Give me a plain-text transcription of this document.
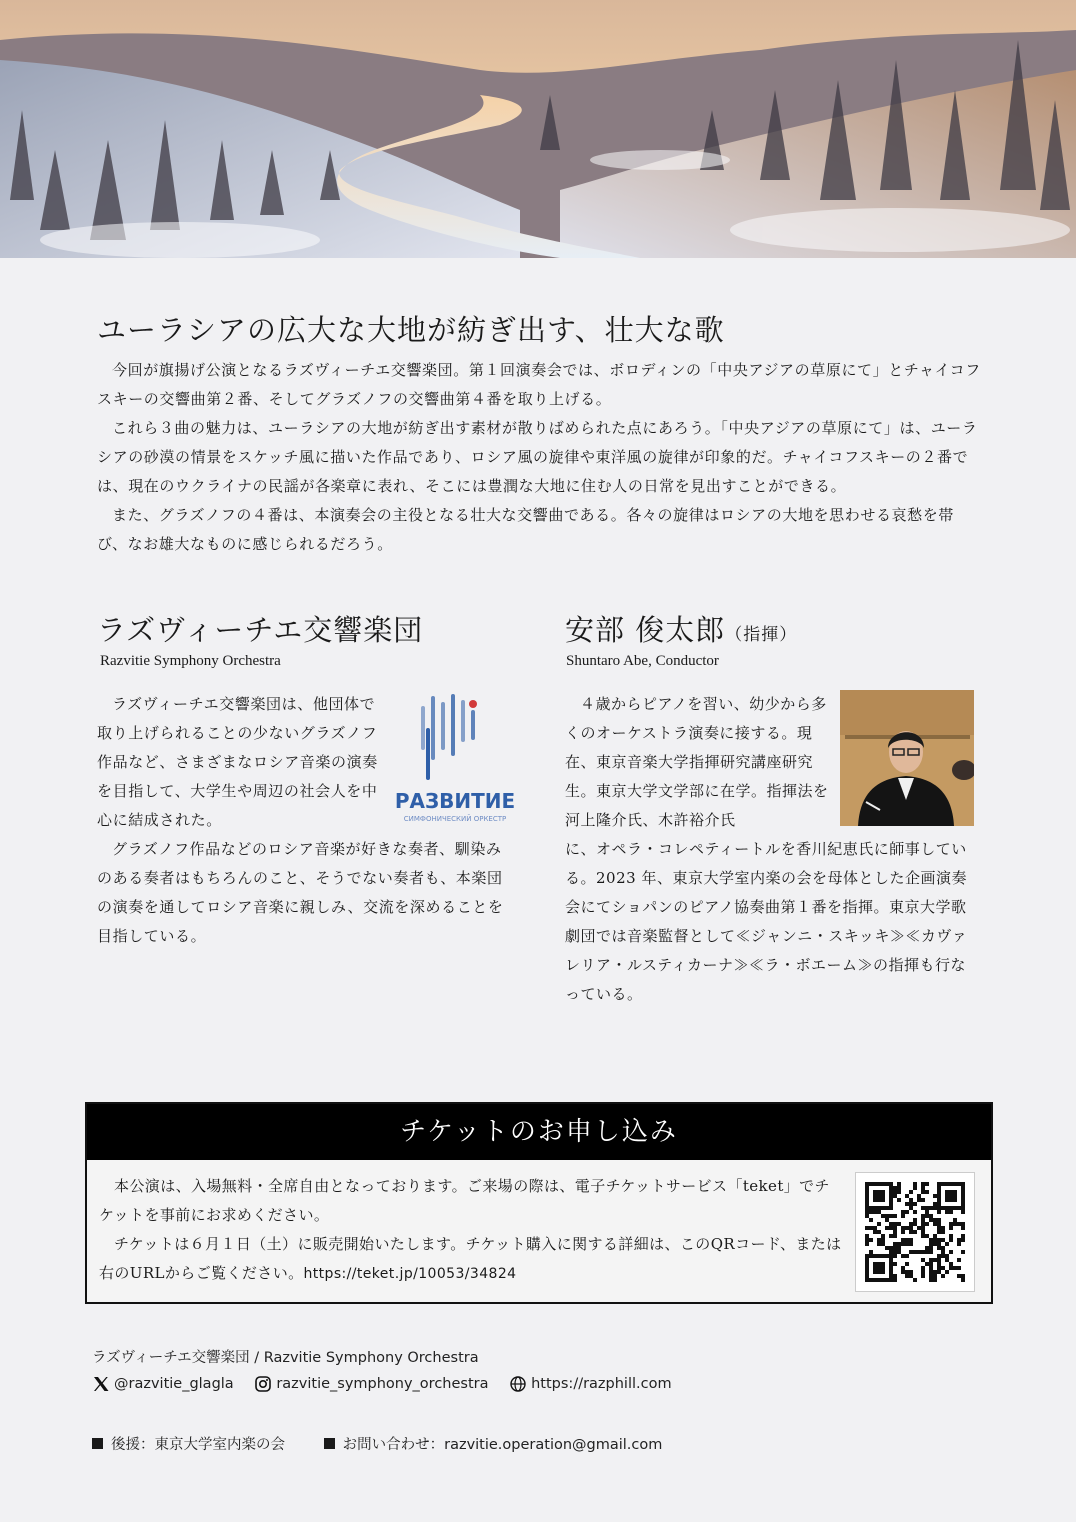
ユーラシアの広大な大地が紡ぎ出す、壮大な歌

今回が旗揚げ公演となるラズヴィーチエ交響楽団。第１回演奏会では、ボロディンの「中央アジアの草原にて」とチャイコフスキーの交響曲第２番、そしてグラズノフの交響曲第４番を取り上げる。

これら３曲の魅力は、ユーラシアの大地が紡ぎ出す素材が散りばめられた点にあろう。「中央アジアの草原にて」は、ユーラシアの砂漠の情景をスケッチ風に描いた作品であり、ロシア風の旋律や東洋風の旋律が印象的だ。チャイコフスキーの２番では、現在のウクライナの民謡が各楽章に表れ、そこには豊潤な大地に住む人の日常を見出すことができる。

また、グラズノフの４番は、本演奏会の主役となる壮大な交響曲である。各々の旋律はロシアの大地を思わせる哀愁を帯び、なお雄大なものに感じられるだろう。

ラズヴィーチエ交響楽団
Razvitie Symphony Orchestra

ラズヴィーチエ交響楽団は、他団体で取り上げられることの少ないグラズノフ作品など、さまざまなロシア音楽の演奏を目指して、大学生や周辺の社会人を中心に結成された。

グラズノフ作品などのロシア音楽が好きな奏者、馴染みのある奏者はもちろんのこと、そうでない奏者も、本楽団の演奏を通してロシア音楽に親しみ、交流を深めることを目指している。

РАЗВИТИЕ
СИМФОНИЧЕСКИЙ ОРКЕСТР
安部 俊太郎（指揮）
Shuntaro Abe, Conductor

４歳からピアノを習い、幼少から多くのオーケストラ演奏に接する。現在、東京音楽大学指揮研究講座研究生。東京大学文学部に在学。指揮法を河上隆介氏、木許裕介氏

に、オペラ・コレペティートルを香川紀恵氏に師事している。2023 年、東京大学室内楽の会を母体とした企画演奏会にてショパンのピアノ協奏曲第１番を指揮。東京大学歌劇団では音楽監督として≪ジャンニ・スキッキ≫≪カヴァレリア・ルスティカーナ≫≪ラ・ボエーム≫の指揮も行なっている。

チケットのお申し込み

本公演は、入場無料・全席自由となっております。ご来場の際は、電子チケットサービス「teket」でチケットを事前にお求めください。

チケットは６月１日（土）に販売開始いたします。チケット購入に関する詳細は、このQRコード、または右のURLからご覧ください。https://teket.jp/10053/34824

ラズヴィーチエ交響楽団 / Razvitie Symphony Orchestra
@razvitie_glagla
	razvitie_symphony_orchestra
	https://razphill.com
後援：東京大学室内楽の会
	お問い合わせ：razvitie.operation@gmail.com
